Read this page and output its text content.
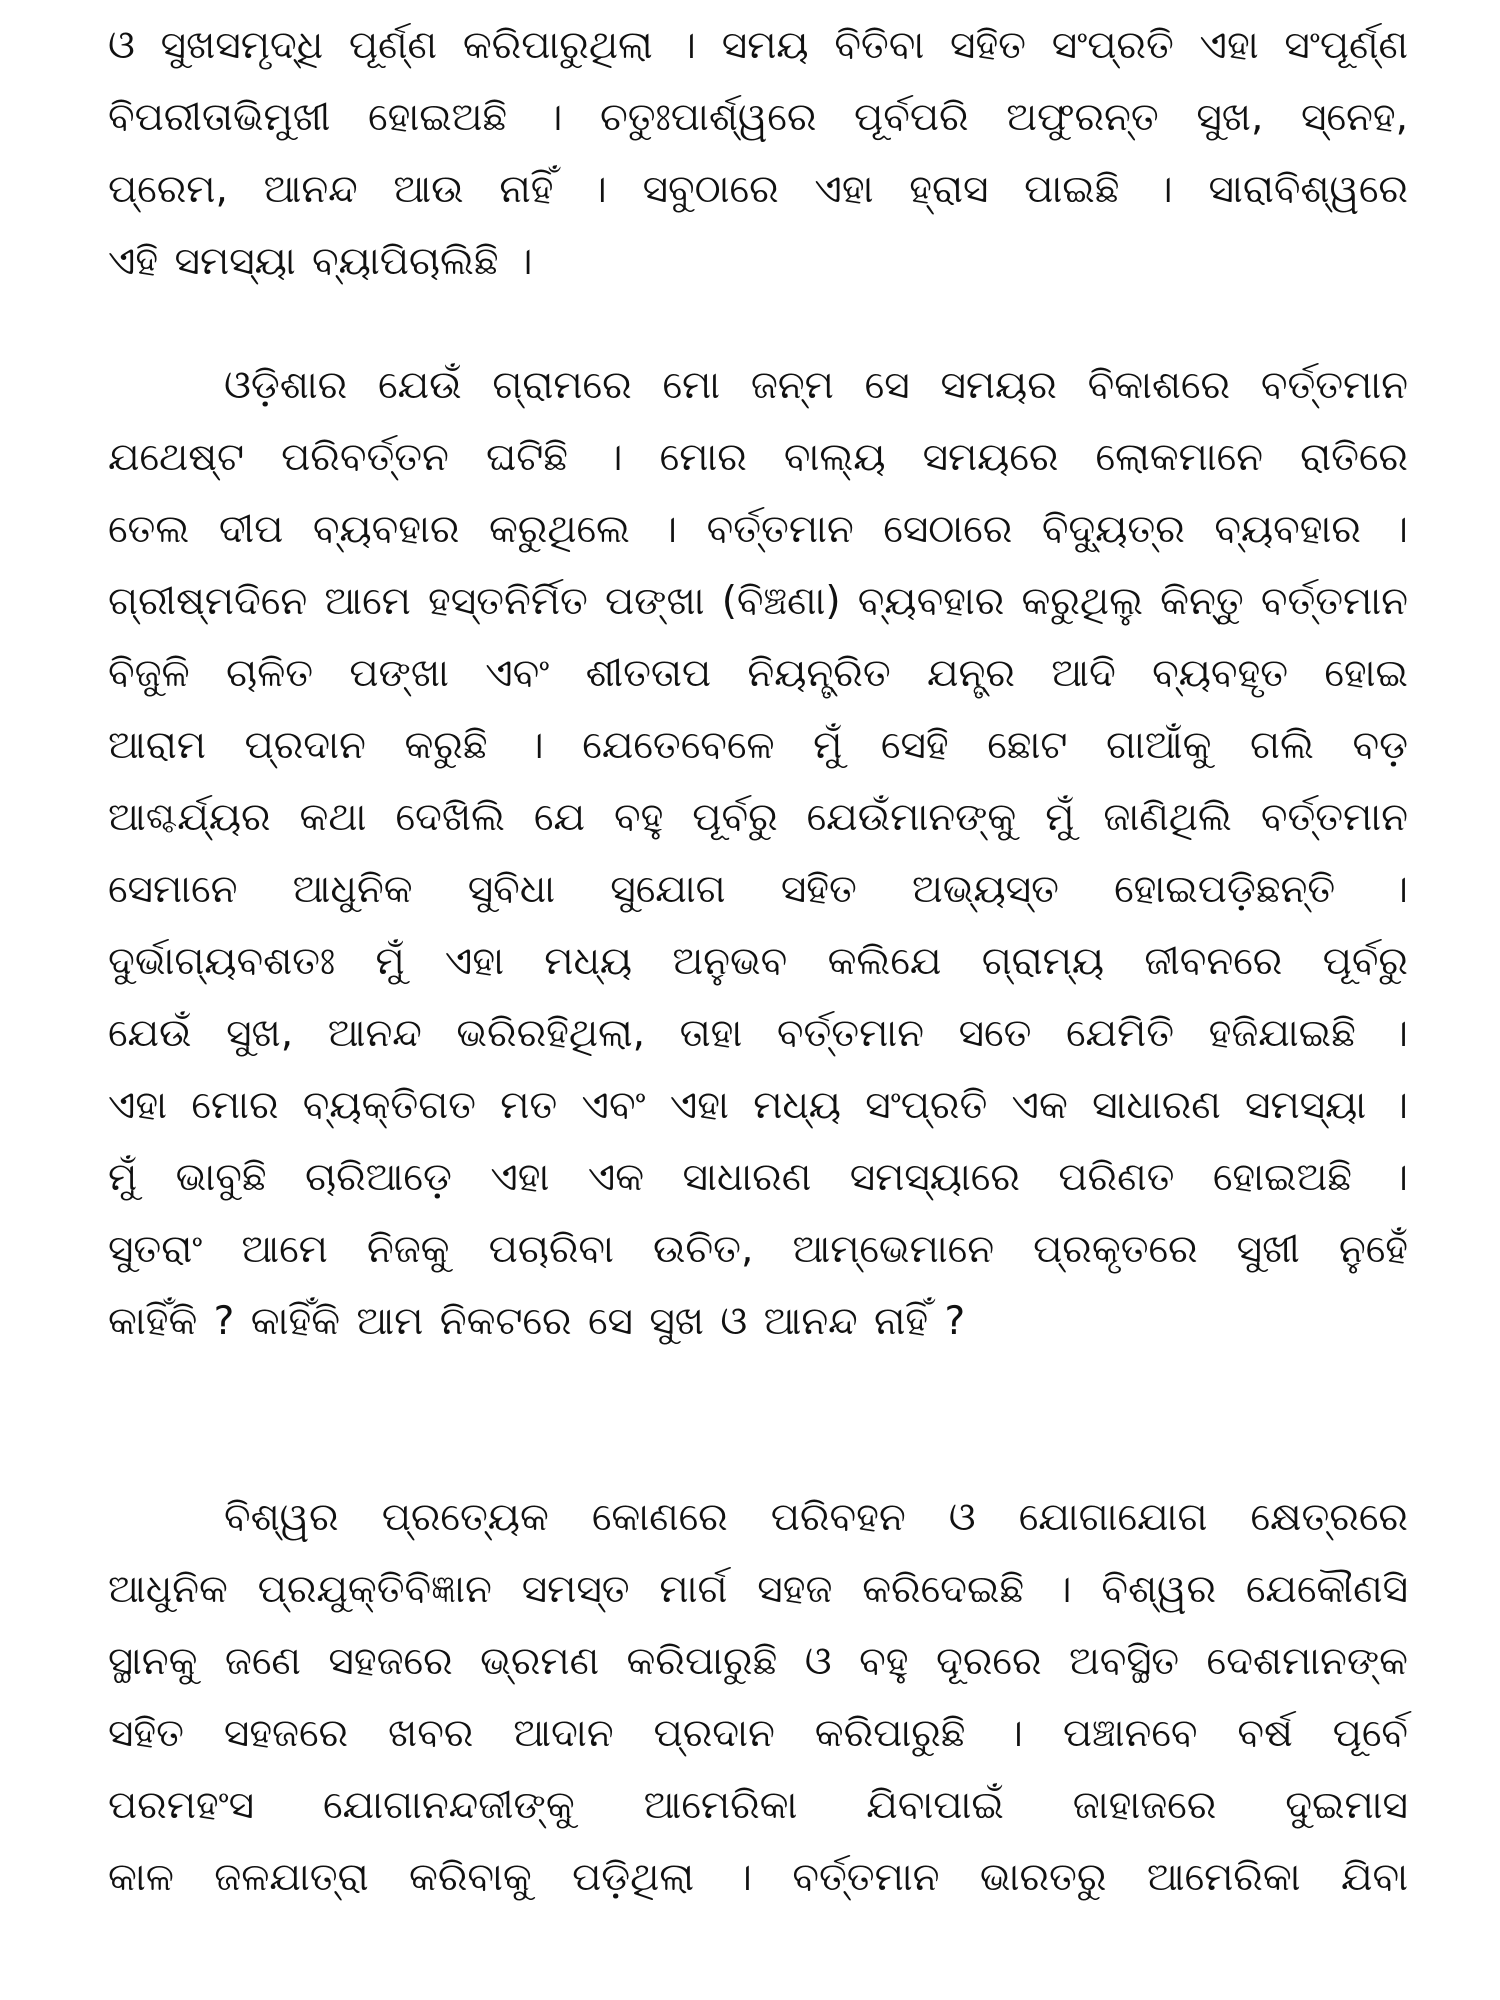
ଓ ସୁଖସମୃଦ୍ଧି ପୂର୍ଣ୍ଣ କରିପାରୁଥିଲା । ସମୟ ବିତିବା ସହିତ ସଂପ୍ରତି ଏହା ସଂପୂର୍ଣ୍ଣ
ବିପରୀତାଭିମୁଖୀ ହୋଇଅଛି । ଚତୁଃପାର୍ଶ୍ୱରେ ପୂର୍ବପରି ଅଫୁରନ୍ତ ସୁଖ, ସ୍ନେହ,
ପ୍ରେମ, ଆନନ୍ଦ ଆଉ ନାହିଁ । ସବୁଠାରେ ଏହା ହ୍ରାସ ପାଇଛି । ସାରାବିଶ୍ୱରେ
ଏହି ସମସ୍ୟା ବ୍ୟାପିଚାଲିଛି ।
ଓଡ଼ିଶାର ଯେଉଁ ଗ୍ରାମରେ ମୋ ଜନ୍ମ ସେ ସମୟର ବିକାଶରେ ବର୍ତ୍ତମାନ
ଯଥେଷ୍ଟ ପରିବର୍ତ୍ତନ ଘଟିଛି । ମୋର ବାଲ୍ୟ ସମୟରେ ଲୋକମାନେ ରାତିରେ
ତେଲ ଦୀପ ବ୍ୟବହାର କରୁଥିଲେ । ବର୍ତ୍ତମାନ ସେଠାରେ ବିଦ୍ୟୁତ୍‌ର ବ୍ୟବହାର ।
ଗ୍ରୀଷ୍ମଦିନେ ଆମେ ହସ୍ତନିର୍ମିତ ପଙ୍ଖା (ବିଞ୍ଚଣା) ବ୍ୟବହାର କରୁଥିଲୁ କିନ୍ତୁ ବର୍ତ୍ତମାନ
ବିଜୁଳି ଚାଳିତ ପଙ୍ଖା ଏବଂ ଶୀତତାପ ନିୟନ୍ତ୍ରିତ ଯନ୍ତ୍ର ଆଦି ବ୍ୟବହୃତ ହୋଇ
ଆରାମ ପ୍ରଦାନ କରୁଛି । ଯେତେବେଳେ ମୁଁ ସେହି ଛୋଟ ଗାଆଁକୁ ଗଲି ବଡ଼
ଆଶ୍ଚର୍ଯ୍ୟର କଥା ଦେଖିଲି ଯେ ବହୁ ପୂର୍ବରୁ ଯେଉଁମାନଙ୍କୁ ମୁଁ ଜାଣିଥିଲି ବର୍ତ୍ତମାନ
ସେମାନେ ଆଧୁନିକ ସୁବିଧା ସୁଯୋଗ ସହିତ ଅଭ୍ୟସ୍ତ ହୋଇପଡ଼ିଛନ୍ତି ।
ଦୁର୍ଭାଗ୍ୟବଶତଃ ମୁଁ ଏହା ମଧ୍ୟ ଅନୁଭବ କଲିଯେ ଗ୍ରାମ୍ୟ ଜୀବନରେ ପୂର୍ବରୁ
ଯେଉଁ ସୁଖ, ଆନନ୍ଦ ଭରିରହିଥିଲା, ତାହା ବର୍ତ୍ତମାନ ସତେ ଯେମିତି ହଜିଯାଇଛି ।
ଏହା ମୋର ବ୍ୟକ୍ତିଗତ ମତ ଏବଂ ଏହା ମଧ୍ୟ ସଂପ୍ରତି ଏକ ସାଧାରଣ ସମସ୍ୟା ।
ମୁଁ ଭାବୁଛି ଚାରିଆଡ଼େ ଏହା ଏକ ସାଧାରଣ ସମସ୍ୟାରେ ପରିଣତ ହୋଇଅଛି ।
ସୁତରାଂ ଆମେ ନିଜକୁ ପଚାରିବା ଉଚିତ, ଆମ୍ଭେମାନେ ପ୍ରକୃତରେ ସୁଖୀ ନୁହେଁ
କାହିଁକି ? କାହିଁକି ଆମ ନିକଟରେ ସେ ସୁଖ ଓ ଆନନ୍ଦ ନାହିଁ ?
ବିଶ୍ୱର ପ୍ରତ୍ୟେକ କୋଣରେ ପରିବହନ ଓ ଯୋଗାଯୋଗ କ୍ଷେତ୍ରରେ
ଆଧୁନିକ ପ୍ରଯୁକ୍ତିବିଜ୍ଞାନ ସମସ୍ତ ମାର୍ଗ ସହଜ କରିଦେଇଛି । ବିଶ୍ୱର ଯେକୌଣସି
ସ୍ଥାନକୁ ଜଣେ ସହଜରେ ଭ୍ରମଣ କରିପାରୁଛି ଓ ବହୁ ଦୂରରେ ଅବସ୍ଥିତ ଦେଶମାନଙ୍କ
ସହିତ ସହଜରେ ଖବର ଆଦାନ ପ୍ରଦାନ କରିପାରୁଛି । ପଞ୍ଚାନବେ ବର୍ଷ ପୂର୍ବେ
ପରମହଂସ ଯୋଗାନନ୍ଦଜୀଙ୍କୁ ଆମେରିକା ଯିବାପାଇଁ ଜାହାଜରେ ଦୁଇମାସ
କାଳ ଜଳଯାତ୍ରା କରିବାକୁ ପଡ଼ିଥିଲା । ବର୍ତ୍ତମାନ ଭାରତରୁ ଆମେରିକା ଯିବା
